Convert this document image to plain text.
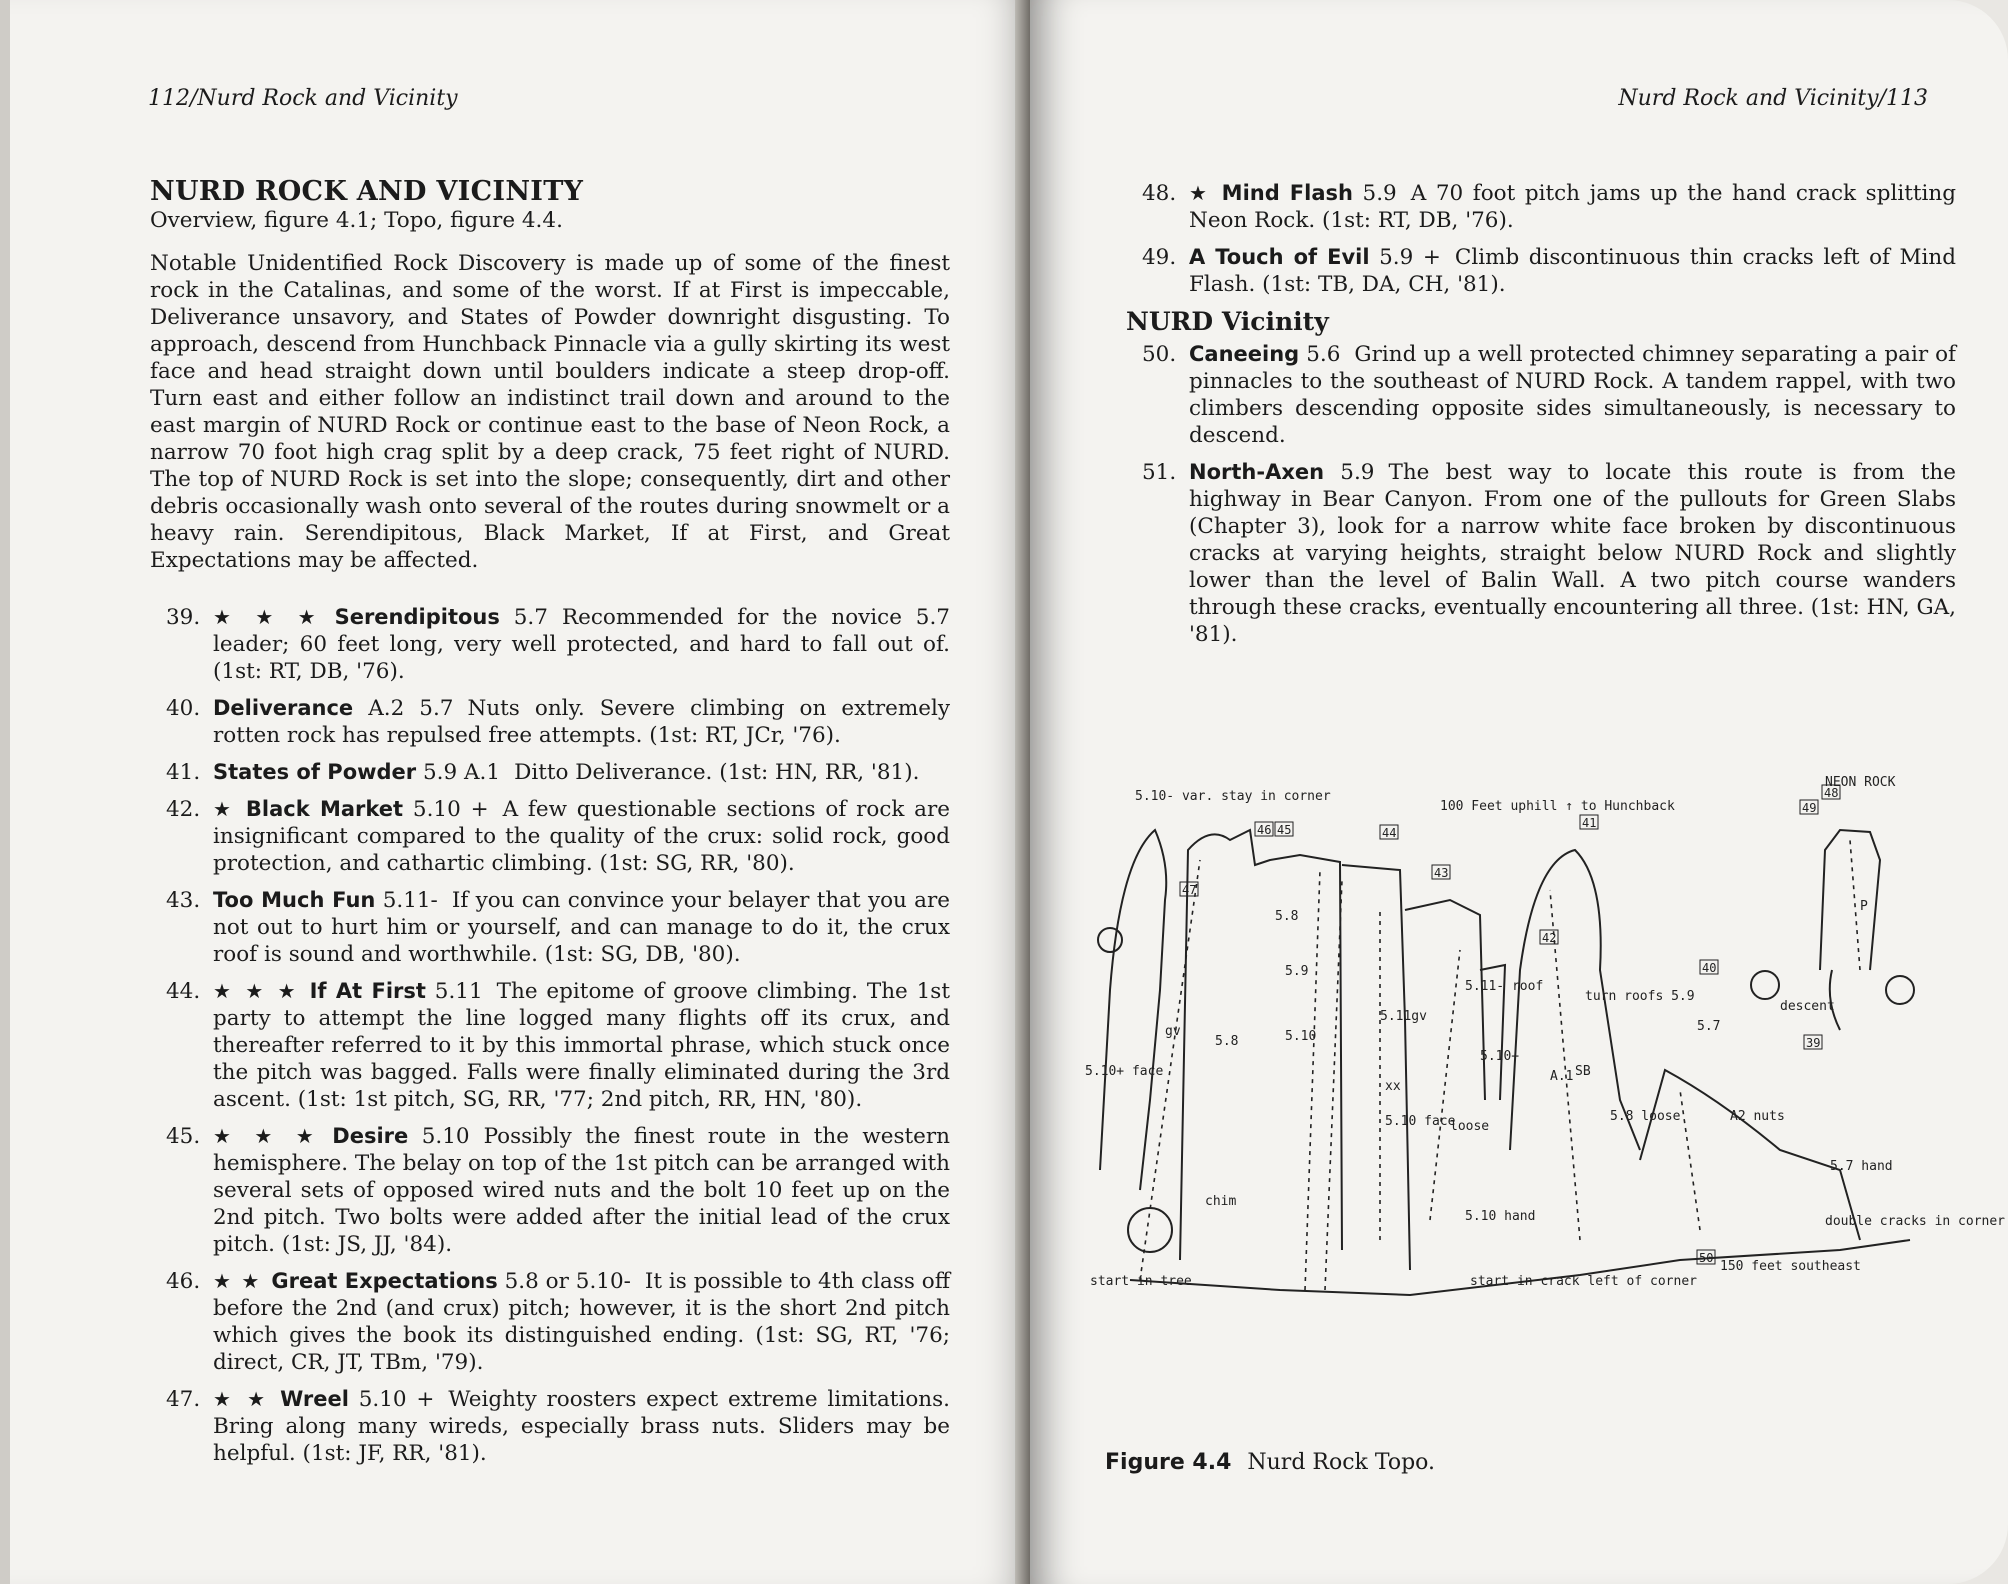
112/Nurd Rock and Vicinity
NURD ROCK AND VICINITY
Overview, figure 4.1; Topo, figure 4.4.
Notable Unidentified Rock Discovery is made up of some of the finest rock in the Catalinas, and some of the worst. If at First is impeccable, Deliverance unsavory, and States of Powder downright disgusting. To approach, descend from Hunchback Pinnacle via a gully skirting its west face and head straight down until boulders indicate a steep drop-off. Turn east and either follow an indistinct trail down and around to the east margin of NURD Rock or continue east to the base of Neon Rock, a narrow 70 foot high crag split by a deep crack, 75 feet right of NURD. The top of NURD Rock is set into the slope; consequently, dirt and other debris occasionally wash onto several of the routes during snowmelt or a heavy rain. Serendipitous, Black Market, If at First, and Great Expectations may be affected.
39. ★ ★ ★ Serendipitous 5.7 Recommended for the novice 5.7 leader; 60 feet long, very well protected, and hard to fall out of. (1st: RT, DB, '76).
40. Deliverance A.2 5.7 Nuts only. Severe climbing on extremely rotten rock has repulsed free attempts. (1st: RT, JCr, '76).
41. States of Powder 5.9 A.1 Ditto Deliverance. (1st: HN, RR, '81).
42. ★ Black Market 5.10 + A few questionable sections of rock are insignificant compared to the quality of the crux: solid rock, good protection, and cathartic climbing. (1st: SG, RR, '80).
43. Too Much Fun 5.11- If you can convince your belayer that you are not out to hurt him or yourself, and can manage to do it, the crux roof is sound and worthwhile. (1st: SG, DB, '80).
44. ★ ★ ★ If At First 5.11 The epitome of groove climbing. The 1st party to attempt the line logged many flights off its crux, and thereafter referred to it by this immortal phrase, which stuck once the pitch was bagged. Falls were finally eliminated during the 3rd ascent. (1st: 1st pitch, SG, RR, '77; 2nd pitch, RR, HN, '80).
45. ★ ★ ★ Desire 5.10 Possibly the finest route in the western hemisphere. The belay on top of the 1st pitch can be arranged with several sets of opposed wired nuts and the bolt 10 feet up on the 2nd pitch. Two bolts were added after the initial lead of the crux pitch. (1st: JS, JJ, '84).
46. ★ ★ Great Expectations 5.8 or 5.10- It is possible to 4th class off before the 2nd (and crux) pitch; however, it is the short 2nd pitch which gives the book its distinguished ending. (1st: SG, RT, '76; direct, CR, JT, TBm, '79).
47. ★ ★ Wreel 5.10 + Weighty roosters expect extreme limitations. Bring along many wireds, especially brass nuts. Sliders may be helpful. (1st: JF, RR, '81).
Nurd Rock and Vicinity/113
48. ★ Mind Flash 5.9 A 70 foot pitch jams up the hand crack splitting Neon Rock. (1st: RT, DB, '76).
49. A Touch of Evil 5.9 + Climb discontinuous thin cracks left of Mind Flash. (1st: TB, DA, CH, '81).
NURD Vicinity
50. Caneeing 5.6 Grind up a well protected chimney separating a pair of pinnacles to the southeast of NURD Rock. A tandem rappel, with two climbers descending opposite sides simultaneously, is necessary to descend.
51. North-Axen 5.9 The best way to locate this route is from the highway in Bear Canyon. From one of the pullouts for Green Slabs (Chapter 3), look for a narrow white face broken by discontinuous cracks at varying heights, straight below NURD Rock and slightly lower than the level of Balin Wall. A two pitch course wanders through these cracks, eventually encountering all three. (1st: HN, GA, '81).
5.10- var. stay in corner
100 Feet uphill ↑ to Hunchback
NEON ROCK
descent
5.11- roof
turn roofs 5.9
5.8
5.9
5.10
gv
5.8
5.10+ face
5.11gv
5.10+
A.1
5.8 loose	A2 nuts
5.7
5.7 hand
5.10 face
loose
5.10 hand
chim
start in tree	start in crack left of corner
150 feet southeast
double cracks in corner
xx
SB
P
46 45	44
47
43
41
42
40
49
48
39
50
Figure 4.4 Nurd Rock Topo.
